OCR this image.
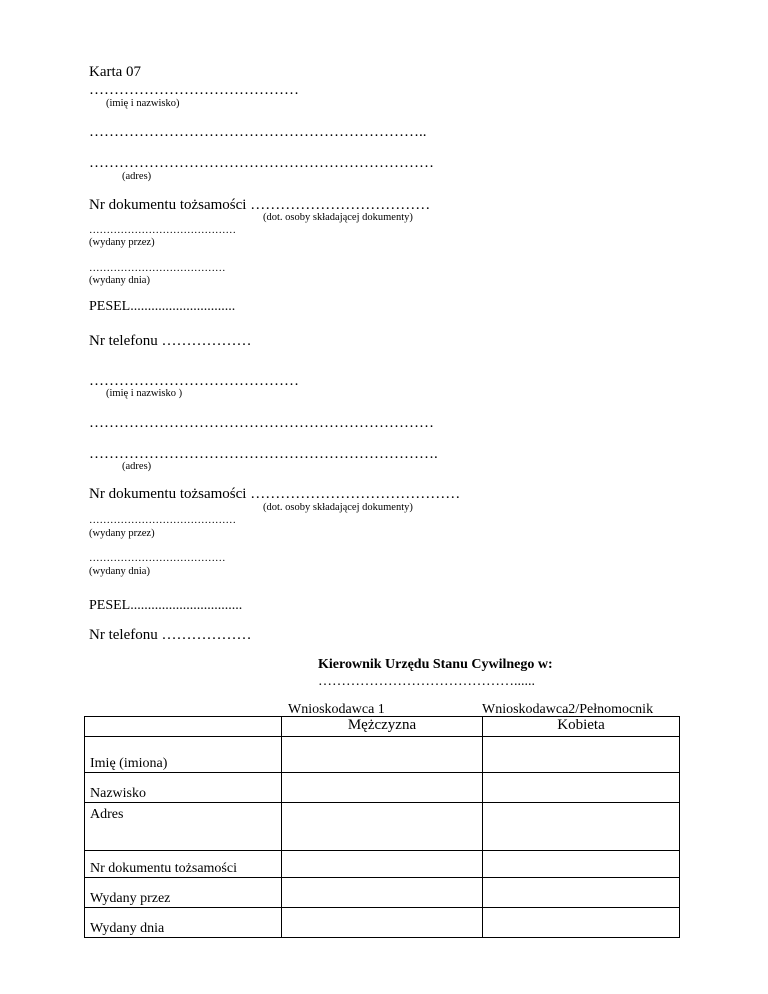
Karta 07
……………………………………
(imię i nazwisko)
…………………………………………………………..
……………………………………………………………
(adres)
Nr dokumentu tożsamości ………………………………
(dot. osoby składającej dokumenty)
……………………………………
(wydany przez)
…………………………………
(wydany dnia)
PESEL..............................
Nr telefonu ………………
……………………………………
(imię i nazwisko )
……………………………………………………………
…………………………………………………………….
(adres)
Nr dokumentu tożsamości ……………………………………
(dot. osoby składającej dokumenty)
……………………………………
(wydany przez)
…………………………………
(wydany dnia)
PESEL................................
Nr telefonu ………………
Kierownik Urzędu Stanu Cywilnego w:
……………………………………......
Wnioskodawca 1	Wnioskodawca2/Pełnomocnik
	Mężczyzna	Kobieta
Imię (imiona)		
Nazwisko		
Adres		
Nr dokumentu tożsamości		
Wydany przez		
Wydany dnia		
